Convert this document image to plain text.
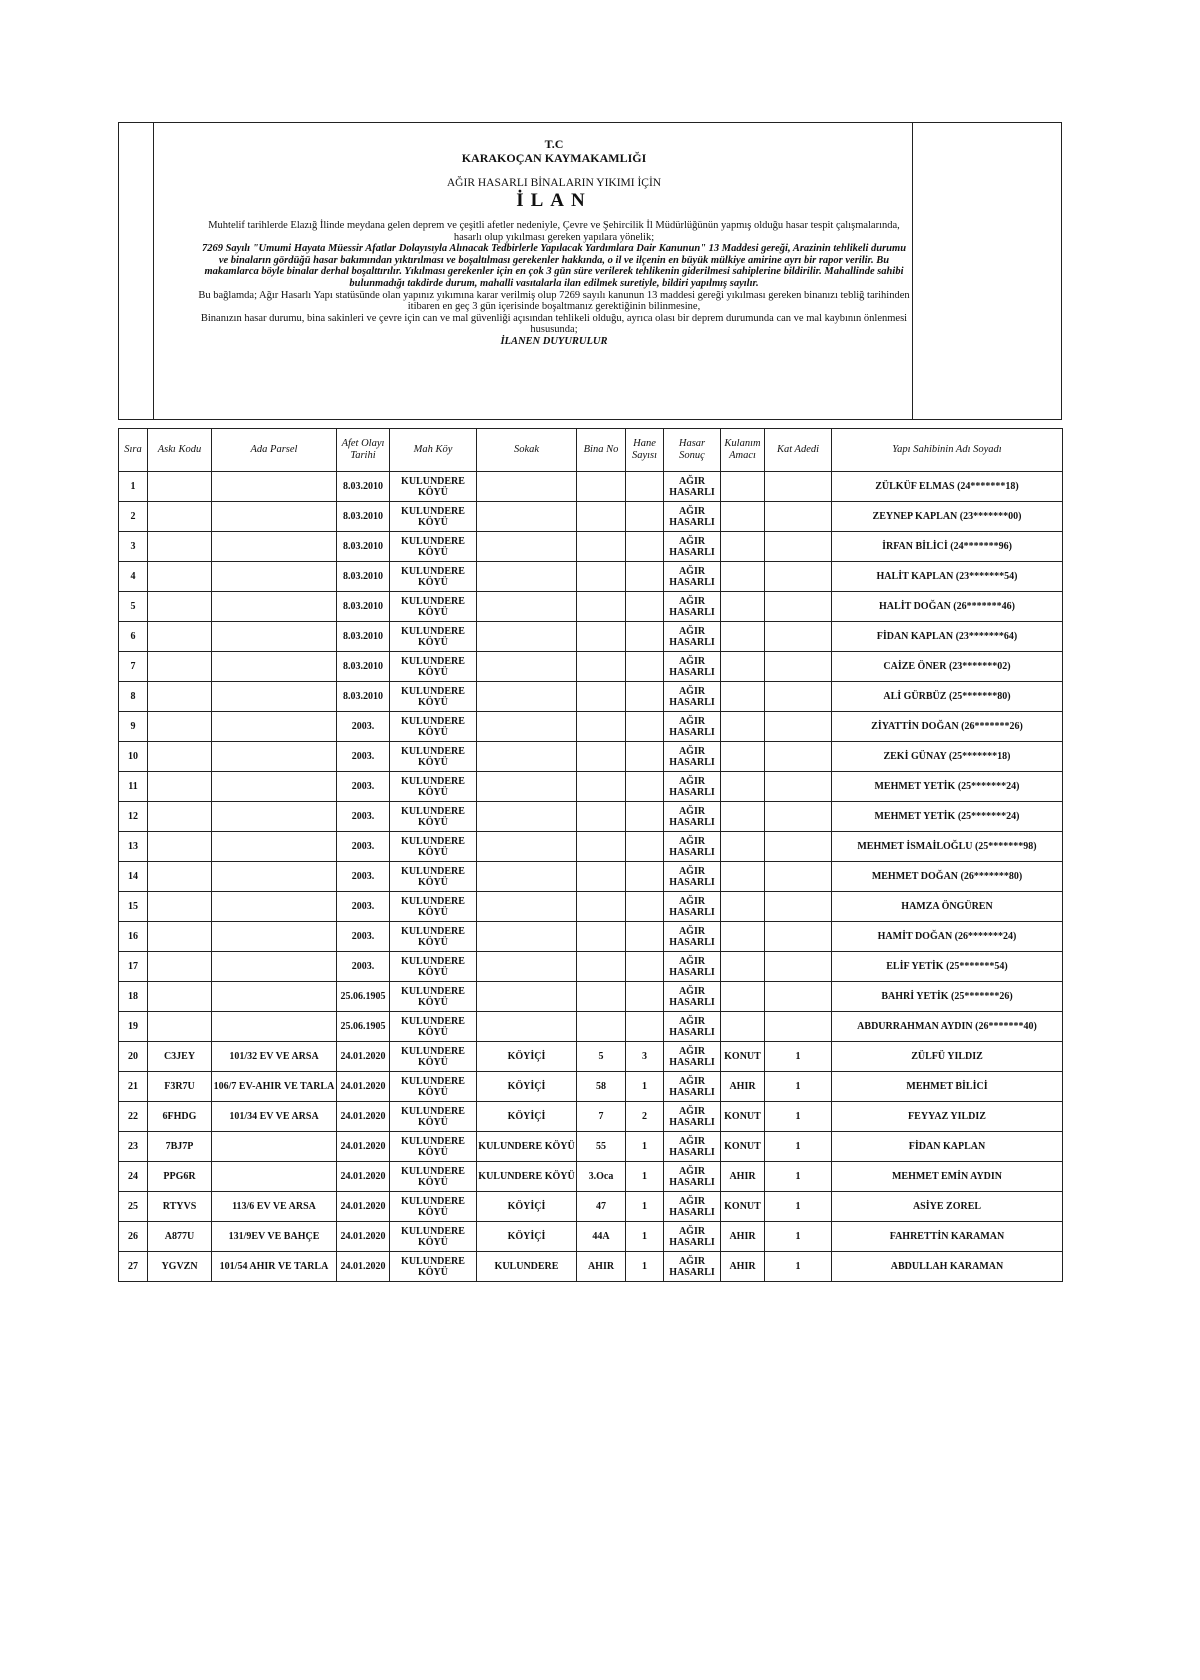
T.C
KARAKOÇAN KAYMAKAMLIĞI
AĞIR HASARLI BİNALARIN YIKIMI İÇİN
İLAN

Muhtelif tarihlerde Elazığ İlinde meydana gelen deprem ve çeşitli afetler nedeniyle, Çevre ve Şehircilik İl Müdürlüğünün yapmış olduğu hasar tespit çalışmalarında, hasarlı olup yıkılması gereken yapılara yönelik;

7269 Sayılı "Umumi Hayata Müessir Afatlar Dolayısıyla Alınacak Tedbirlerle Yapılacak Yardımlara Dair Kanunun" 13 Maddesi gereği, Arazinin tehlikeli durumu ve binaların gördüğü hasar bakımından yıktırılması ve boşaltılması gerekenler hakkında, o il ve ilçenin en büyük mülkiye amirine ayrı bir rapor verilir. Bu makamlarca böyle binalar derhal boşalttırılır. Yıkılması gerekenler için en çok 3 gün süre verilerek tehlikenin giderilmesi sahiplerine bildirilir. Mahallinde sahibi bulunmadığı takdirde durum, mahalli vasıtalarla ilan edilmek suretiyle, bildiri yapılmış sayılır.

Bu bağlamda; Ağır Hasarlı Yapı statüsünde olan yapınız yıkımına karar verilmiş olup 7269 sayılı kanunun 13 maddesi gereği yıkılması gereken binanızı tebliğ tarihinden itibaren en geç 3 gün içerisinde boşaltmanız gerektiğinin bilinmesine,

Binanızın hasar durumu, bina sakinleri ve çevre için can ve mal güvenliği açısından tehlikeli olduğu, ayrıca olası bir deprem durumunda can ve mal kaybının önlenmesi hususunda;

İLANEN DUYURULUR
Sıra	Askı Kodu	Ada Parsel	Afet Olayı Tarihi	Mah Köy	Sokak	Bina No	Hane Sayısı	Hasar Sonuç	Kulanım Amacı	Kat Adedi	Yapı Sahibinin Adı Soyadı
1			8.03.2010	KULUNDERE KÖYÜ				AĞIR HASARLI			ZÜLKÜF ELMAS (24*******18)
2			8.03.2010	KULUNDERE KÖYÜ				AĞIR HASARLI			ZEYNEP KAPLAN (23*******00)
3			8.03.2010	KULUNDERE KÖYÜ				AĞIR HASARLI			İRFAN BİLİCİ (24*******96)
4			8.03.2010	KULUNDERE KÖYÜ				AĞIR HASARLI			HALİT KAPLAN (23*******54)
5			8.03.2010	KULUNDERE KÖYÜ				AĞIR HASARLI			HALİT DOĞAN (26*******46)
6			8.03.2010	KULUNDERE KÖYÜ				AĞIR HASARLI			FİDAN KAPLAN (23*******64)
7			8.03.2010	KULUNDERE KÖYÜ				AĞIR HASARLI			CAİZE ÖNER (23*******02)
8			8.03.2010	KULUNDERE KÖYÜ				AĞIR HASARLI			ALİ GÜRBÜZ (25*******80)
9			2003.	KULUNDERE KÖYÜ				AĞIR HASARLI			ZİYATTİN DOĞAN (26*******26)
10			2003.	KULUNDERE KÖYÜ				AĞIR HASARLI			ZEKİ GÜNAY (25*******18)
11			2003.	KULUNDERE KÖYÜ				AĞIR HASARLI			MEHMET YETİK (25*******24)
12			2003.	KULUNDERE KÖYÜ				AĞIR HASARLI			MEHMET YETİK (25*******24)
13			2003.	KULUNDERE KÖYÜ				AĞIR HASARLI			MEHMET İSMAİLOĞLU (25*******98)
14			2003.	KULUNDERE KÖYÜ				AĞIR HASARLI			MEHMET DOĞAN (26*******80)
15			2003.	KULUNDERE KÖYÜ				AĞIR HASARLI			HAMZA ÖNGÜREN
16			2003.	KULUNDERE KÖYÜ				AĞIR HASARLI			HAMİT DOĞAN (26*******24)
17			2003.	KULUNDERE KÖYÜ				AĞIR HASARLI			ELİF YETİK (25*******54)
18			25.06.1905	KULUNDERE KÖYÜ				AĞIR HASARLI			BAHRİ YETİK (25*******26)
19			25.06.1905	KULUNDERE KÖYÜ				AĞIR HASARLI			ABDURRAHMAN AYDIN (26*******40)
20	C3JEY	101/32 EV VE ARSA	24.01.2020	KULUNDERE KÖYÜ	KÖYİÇİ	5	3	AĞIR HASARLI	KONUT	1	ZÜLFÜ YILDIZ
21	F3R7U	106/7 EV-AHIR VE TARLA	24.01.2020	KULUNDERE KÖYÜ	KÖYİÇİ	58	1	AĞIR HASARLI	AHIR	1	MEHMET BİLİCİ
22	6FHDG	101/34 EV VE ARSA	24.01.2020	KULUNDERE KÖYÜ	KÖYİÇİ	7	2	AĞIR HASARLI	KONUT	1	FEYYAZ YILDIZ
23	7BJ7P		24.01.2020	KULUNDERE KÖYÜ	KULUNDERE KÖYÜ	55	1	AĞIR HASARLI	KONUT	1	FİDAN KAPLAN
24	PPG6R		24.01.2020	KULUNDERE KÖYÜ	KULUNDERE KÖYÜ	3.Oca	1	AĞIR HASARLI	AHIR	1	MEHMET EMİN AYDIN
25	RTYVS	113/6 EV VE ARSA	24.01.2020	KULUNDERE KÖYÜ	KÖYİÇİ	47	1	AĞIR HASARLI	KONUT	1	ASİYE ZOREL
26	A877U	131/9EV VE BAHÇE	24.01.2020	KULUNDERE KÖYÜ	KÖYİÇİ	44A	1	AĞIR HASARLI	AHIR	1	FAHRETTİN KARAMAN
27	YGVZN	101/54 AHIR VE TARLA	24.01.2020	KULUNDERE KÖYÜ	KULUNDERE	AHIR	1	AĞIR HASARLI	AHIR	1	ABDULLAH KARAMAN
